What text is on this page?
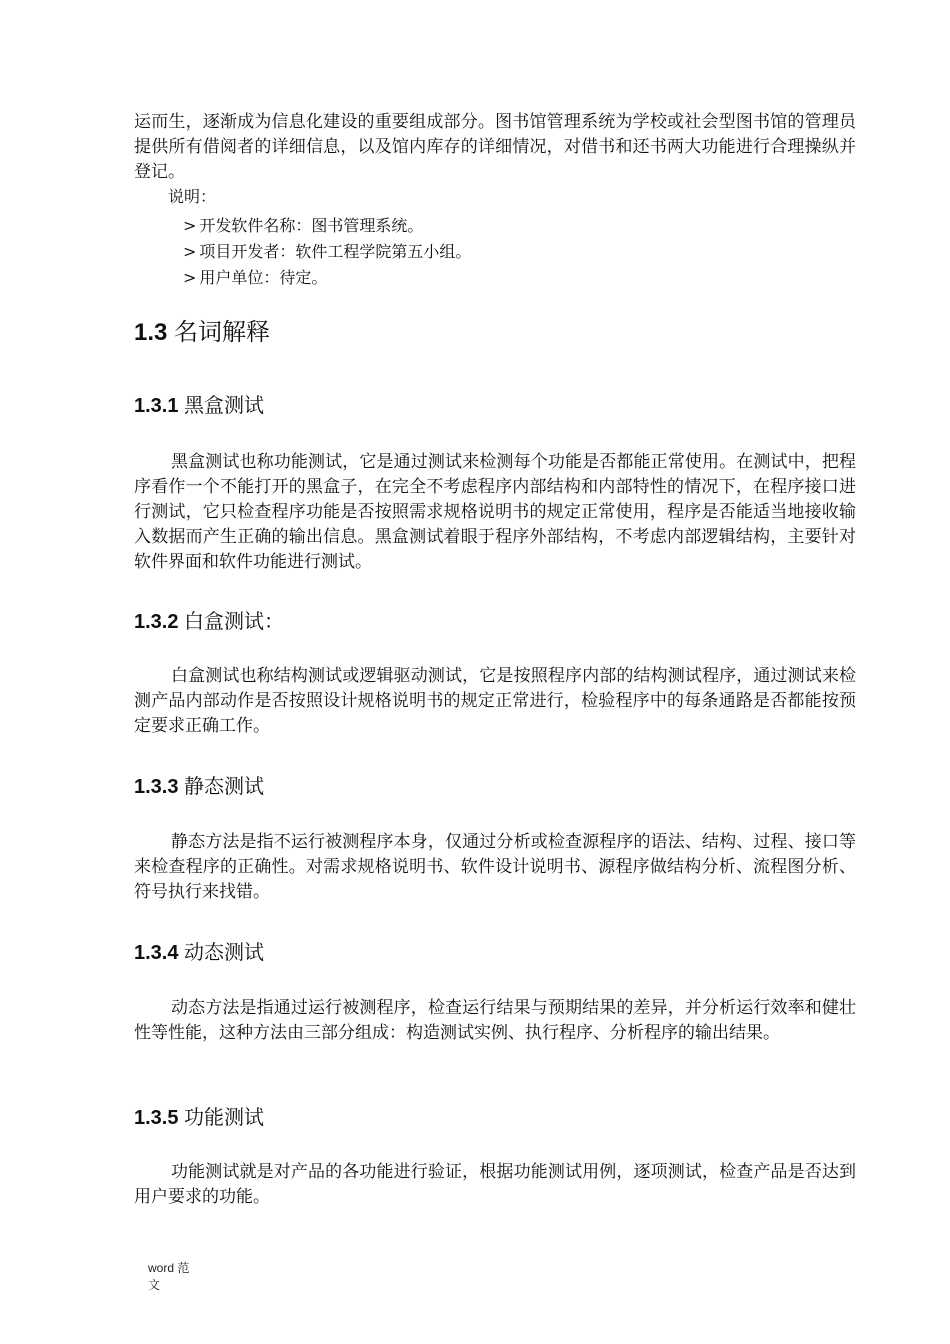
运而生，逐渐成为信息化建设的重要组成部分。图书馆管理系统为学校或社会型图书馆的管理员提供所有借阅者的详细信息，以及馆内库存的详细情况，对借书和还书两大功能进行合理操纵并登记。

说明：

> 开发软件名称：图书管理系统。

> 项目开发者：软件工程学院第五小组。

> 用户单位：待定。

1.3 名词解释
1.3.1 黑盒测试

黑盒测试也称功能测试，它是通过测试来检测每个功能是否都能正常使用。在测试中，把程序看作一个不能打开的黑盒子，在完全不考虑程序内部结构和内部特性的情况下，在程序接口进行测试，它只检查程序功能是否按照需求规格说明书的规定正常使用，程序是否能适当地接收输入数据而产生正确的输出信息。黑盒测试着眼于程序外部结构，不考虑内部逻辑结构，主要针对软件界面和软件功能进行测试。

1.3.2 白盒测试：

白盒测试也称结构测试或逻辑驱动测试，它是按照程序内部的结构测试程序，通过测试来检测产品内部动作是否按照设计规格说明书的规定正常进行，检验程序中的每条通路是否都能按预定要求正确工作。

1.3.3 静态测试

静态方法是指不运行被测程序本身，仅通过分析或检查源程序的语法、结构、过程、接口等来检查程序的正确性。对需求规格说明书、软件设计说明书、源程序做结构分析、流程图分析、符号执行来找错。

1.3.4 动态测试

动态方法是指通过运行被测程序，检查运行结果与预期结果的差异，并分析运行效率和健壮性等性能，这种方法由三部分组成：构造测试实例、执行程序、分析程序的输出结果。

1.3.5 功能测试

功能测试就是对产品的各功能进行验证，根据功能测试用例，逐项测试，检查产品是否达到用户要求的功能。

word 范文
